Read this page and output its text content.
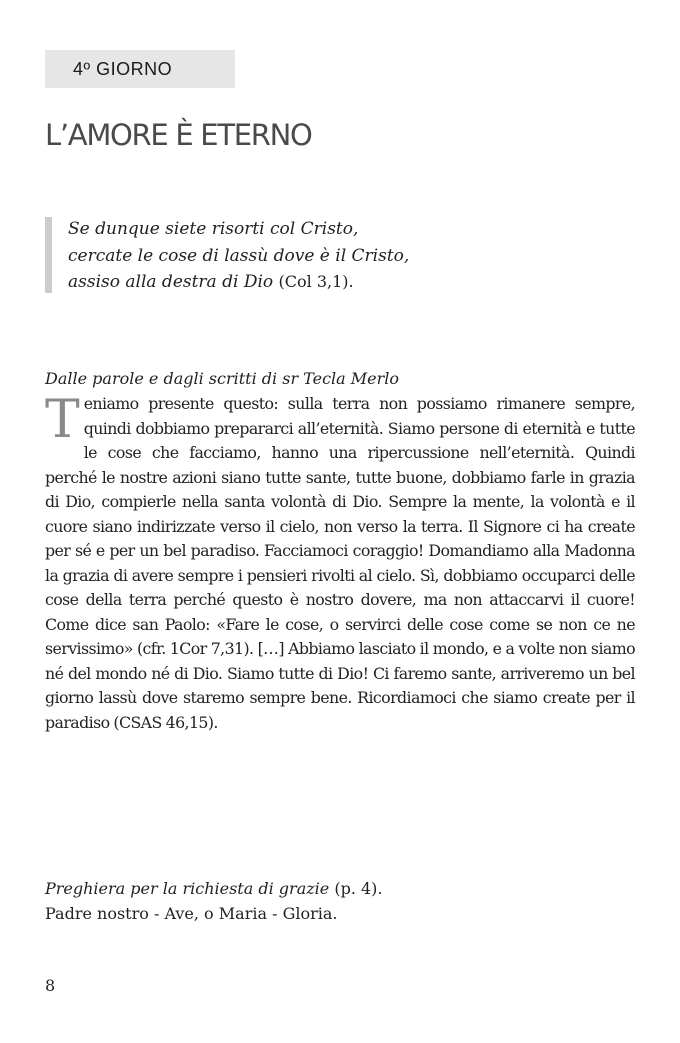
4º GIORNO
L’AMORE È ETERNO

Se dunque siete risorti col Cristo,
cercate le cose di lassù dove è il Cristo,
assiso alla destra di Dio (Col 3,1).

Dalle parole e dagli scritti di sr Tecla Merlo

Teniamo presente questo: sulla terra non possiamo rimanere sempre, quindi dobbiamo prepararci all’eternità. Siamo persone di eternità e tutte le cose che facciamo, hanno una ripercussione nell’eternità. Quindi perché le nostre azioni siano tutte sante, tutte buone, dobbiamo farle in grazia di Dio, compierle nella santa volontà di Dio. Sempre la mente, la volontà e il cuore siano indirizzate verso il cielo, non verso la terra. Il Signore ci ha create per sé e per un bel paradiso. Facciamoci coraggio! Domandiamo alla Madonna la grazia di avere sempre i pensieri rivolti al cielo. Sì, dobbiamo occuparci delle cose della terra perché questo è nostro dovere, ma non attaccarvi il cuore! Come dice san Paolo: «Fare le cose, o servirci delle cose come se non ce ne servissimo» (cfr. 1Cor 7,31). […] Abbiamo lasciato il mondo, e a volte non siamo né del mondo né di Dio. Siamo tutte di Dio! Ci faremo sante, arriveremo un bel giorno lassù dove staremo sempre bene. Ricordiamoci che siamo create per il paradiso (CSAS 46,15).

Preghiera per la richiesta di grazie (p. 4).

Padre nostro - Ave, o Maria - Gloria.

8
